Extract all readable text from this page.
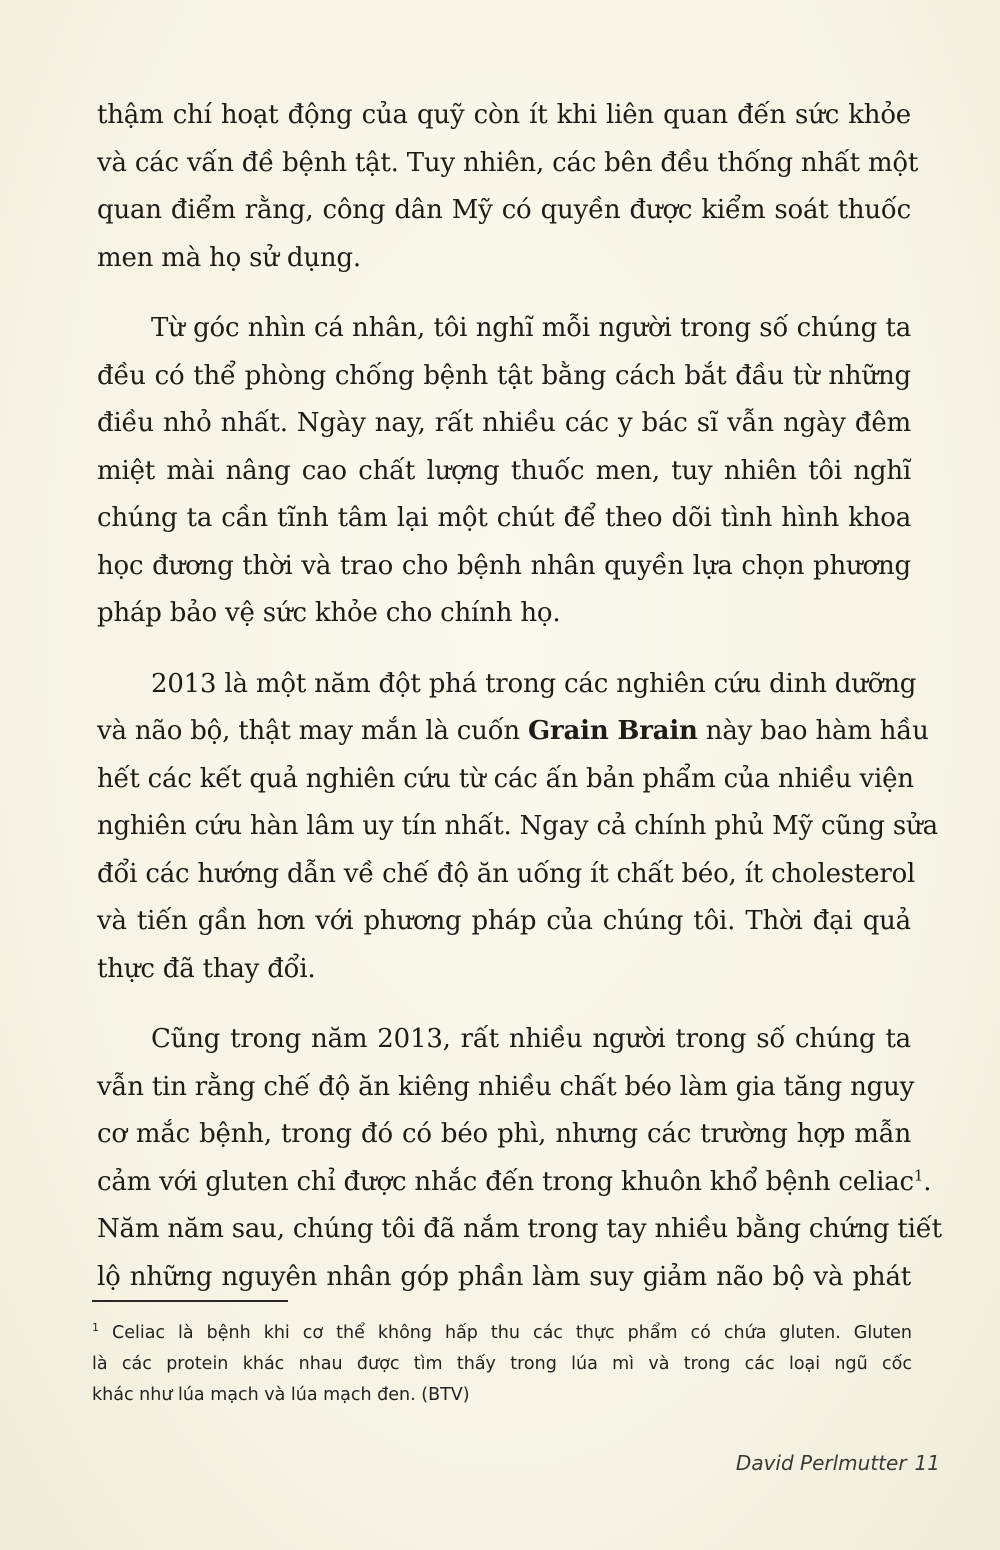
thậm chí hoạt động của quỹ còn ít khi liên quan đến sức khỏe
và các vấn đề bệnh tật. Tuy nhiên, các bên đều thống nhất một
quan điểm rằng, công dân Mỹ có quyền được kiểm soát thuốc
men mà họ sử dụng.

Từ góc nhìn cá nhân, tôi nghĩ mỗi người trong số chúng ta
đều có thể phòng chống bệnh tật bằng cách bắt đầu từ những
điều nhỏ nhất. Ngày nay, rất nhiều các y bác sĩ vẫn ngày đêm
miệt mài nâng cao chất lượng thuốc men, tuy nhiên tôi nghĩ
chúng ta cần tĩnh tâm lại một chút để theo dõi tình hình khoa
học đương thời và trao cho bệnh nhân quyền lựa chọn phương
pháp bảo vệ sức khỏe cho chính họ.

2013 là một năm đột phá trong các nghiên cứu dinh dưỡng
và não bộ, thật may mắn là cuốn Grain Brain này bao hàm hầu
hết các kết quả nghiên cứu từ các ấn bản phẩm của nhiều viện
nghiên cứu hàn lâm uy tín nhất. Ngay cả chính phủ Mỹ cũng sửa
đổi các hướng dẫn về chế độ ăn uống ít chất béo, ít cholesterol
và tiến gần hơn với phương pháp của chúng tôi. Thời đại quả
thực đã thay đổi.

Cũng trong năm 2013, rất nhiều người trong số chúng ta
vẫn tin rằng chế độ ăn kiêng nhiều chất béo làm gia tăng nguy
cơ mắc bệnh, trong đó có béo phì, nhưng các trường hợp mẫn
cảm với gluten chỉ được nhắc đến trong khuôn khổ bệnh celiac$^1$.
Năm năm sau, chúng tôi đã nắm trong tay nhiều bằng chứng tiết
lộ những nguyên nhân góp phần làm suy giảm não bộ và phát

$^1$ Celiac là bệnh khi cơ thể không hấp thu các thực phẩm có chứa gluten. Gluten
là các protein khác nhau được tìm thấy trong lúa mì và trong các loại ngũ cốc
khác như lúa mạch và lúa mạch đen. (BTV)
David Perlmutter 11
